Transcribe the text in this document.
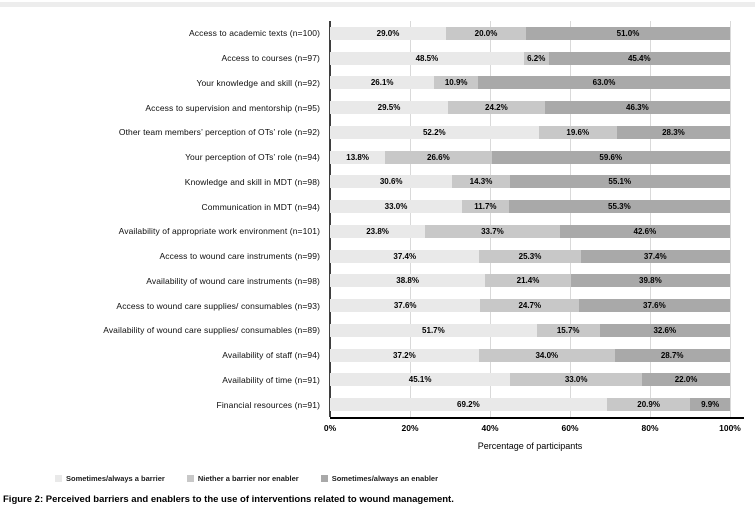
Access to academic texts (n=100)	29.0%	20.0%	51.0%
Access to courses (n=97)	48.5%	6.2%	45.4%
Your knowledge and skill (n=92)	26.1%	10.9%	63.0%
Access to supervision and mentorship (n=95)	29.5%	24.2%	46.3%
Other team members’ perception of OTs’ role (n=92)	52.2%	19.6%	28.3%
Your perception of OTs’ role (n=94)	13.8%	26.6%	59.6%
Knowledge and skill in MDT (n=98)	30.6%	14.3%	55.1%
Communication in MDT (n=94)	33.0%	11.7%	55.3%
Availability of appropriate work environment (n=101)	23.8%	33.7%	42.6%
Access to wound care instruments (n=99)	37.4%	25.3%	37.4%
Availability of wound care instruments (n=98)	38.8%	21.4%	39.8%
Access to wound care supplies/ consumables (n=93)	37.6%	24.7%	37.6%
Availability of wound care supplies/ consumables (n=89)	51.7%	15.7%	32.6%
Availability of staff (n=94)	37.2%	34.0%	28.7%
Availability of time (n=91)	45.1%	33.0%	22.0%
Financial resources (n=91)	69.2%	20.9%	9.9%
0%	20%	40%	60%	80%	100%
Percentage of participants
Sometimes/always a barrier	Niether a barrier nor enabler	Sometimes/always an enabler
Figure 2: Perceived barriers and enablers to the use of interventions related to wound management.
